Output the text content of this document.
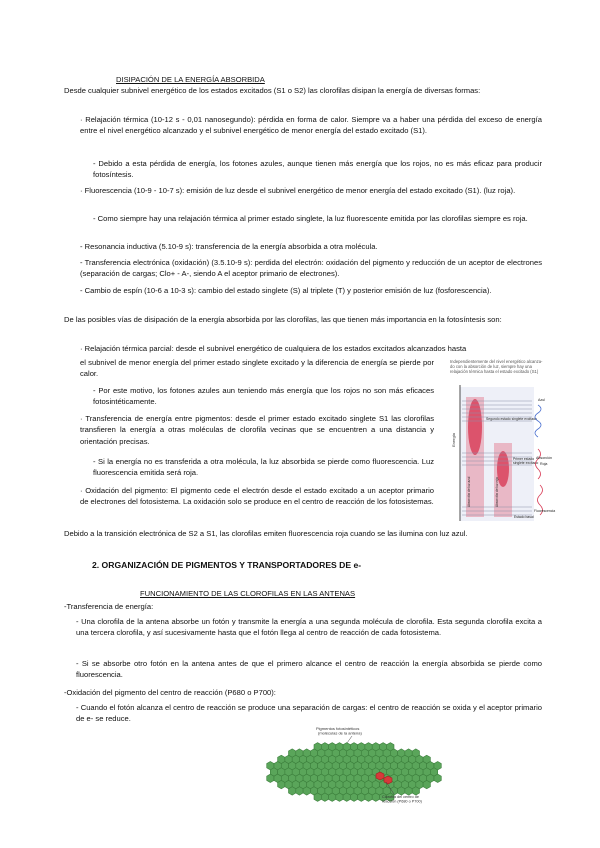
DISIPACIÓN DE LA ENERGÍA ABSORBIDA
Desde cualquier subnivel energético de los estados excitados (S1 o S2) las clorofilas disipan la energía de diversas formas:
· Relajación térmica (10-12 s - 0,01 nanosegundo): pérdida en forma de calor. Siempre va a haber una pérdida del exceso de energía entre el nivel energético alcanzado y el subnivel energético de menor energía del estado excitado (S1).
- Debido a esta pérdida de energía, los fotones azules, aunque tienen más energía que los rojos, no es más eficaz para producir fotosíntesis.
· Fluorescencia (10-9 - 10-7 s): emisión de luz desde el subnivel energético de menor energía del estado excitado (S1). (luz roja).
- Como siempre hay una relajación térmica al primer estado singlete, la luz fluorescente emitida por las clorofilas siempre es roja.
- Resonancia inductiva (5.10-9 s): transferencia de la energía absorbida a otra molécula.
- Transferencia electrónica (oxidación) (3.5.10-9 s): perdida del electrón: oxidación del pigmento y reducción de un aceptor de electrones (separación de cargas; Clo+ - A-, siendo A el aceptor primario de electrones).
- Cambio de espín (10-6 a 10-3 s): cambio del estado singlete (S) al triplete (T) y posterior emisión de luz (fosforescencia).
De las posibles vías de disipación de la energía absorbida por las clorofilas, las que tienen más importancia en la fotosíntesis son:
· Relajación térmica parcial: desde el subnivel energético de cualquiera de los estados excitados alcanzados hasta
el subnivel de menor energía del primer estado singlete excitado y la diferencia de energía se pierde por calor.
- Por este motivo, los fotones azules aun teniendo más energía que los rojos no son más eficaces fotosintéticamente.
· Transferencia de energía entre pigmentos: desde el primer estado excitado singlete S1 las clorofilas transfieren la energía a otras moléculas de clorofila vecinas que se encuentren a una distancia y orientación precisas.
- Si la energía no es transferida a otra molécula, la luz absorbida se pierde como fluorescencia. Luz fluorescencia emitida será roja.
· Oxidación del pigmento: El pigmento cede el electrón desde el estado excitado a un aceptor primario de electrones del fotosistema. La oxidación solo se produce en el centro de reacción de los fotosistemas.
Debido a la transición electrónica de S2 a S1, las clorofilas emiten fluorescencia roja cuando se las ilumina con luz azul.
Independientemente del nivel energético alcanza- do con la absorción de luz, siempre hay una relajación térmica hasta el estado excitado (S1)
Energía
Segundo estado singlete excitado
Primer estado
singlete excitado
Estado basal
Absorción de luz azul	Absorción de luz roja
Azul
Absorción
Roja
Fluorescencia
2. ORGANIZACIÓN DE PIGMENTOS Y TRANSPORTADORES DE e-
FUNCIONAMIENTO DE LAS CLOROFILAS EN LAS ANTENAS
-Transferencia de energía:
- Una clorofila de la antena absorbe un fotón y transmite la energía a una segunda molécula de clorofila. Esta segunda clorofila excita a una tercera clorofila, y así sucesivamente hasta que el fotón llega al centro de reacción de cada fotosistema.
- Si se absorbe otro fotón en la antena antes de que el primero alcance el centro de reacción la energía absorbida se pierde como fluorescencia.
-Oxidación del pigmento del centro de reacción (P680 o P700):
- Cuando el fotón alcanza el centro de reacción se produce una separación de cargas: el centro de reacción se oxida y el aceptor primario de e- se reduce.
Pigmentos fotosintéticos (moléculas de la antena)
Clorofila del centro de reacción (P680 o P700)
